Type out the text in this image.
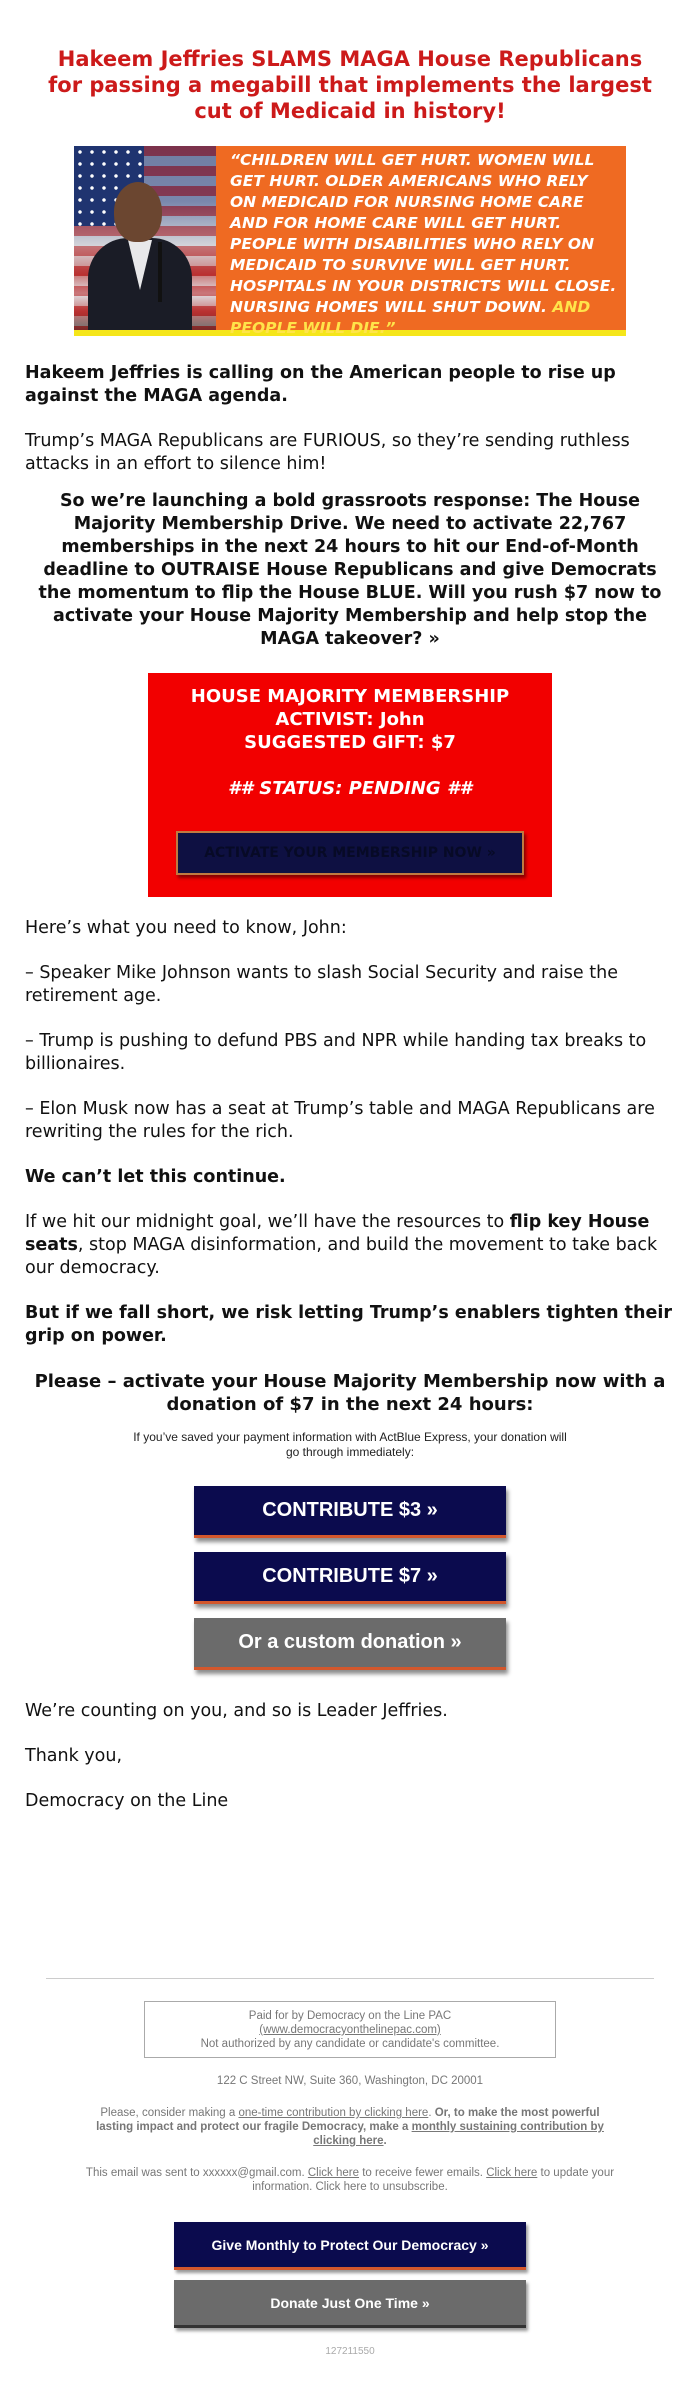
Hakeem Jeffries SLAMS MAGA House Republicans for passing a megabill that implements the largest cut of Medicaid in history!
“CHILDREN WILL GET HURT. WOMEN WILL GET HURT. OLDER AMERICANS WHO RELY ON MEDICAID FOR NURSING HOME CARE AND FOR HOME CARE WILL GET HURT. PEOPLE WITH DISABILITIES WHO RELY ON MEDICAID TO SURVIVE WILL GET HURT. HOSPITALS IN YOUR DISTRICTS WILL CLOSE. NURSING HOMES WILL SHUT DOWN. AND PEOPLE WILL DIE.”
Hakeem Jeffries is calling on the American people to rise up against the MAGA agenda.
Trump’s MAGA Republicans are FURIOUS, so they’re sending ruthless attacks in an effort to silence him!
So we’re launching a bold grassroots response: The House Majority Membership Drive. We need to activate 22,767 memberships in the next 24 hours to hit our End-of-Month deadline to OUTRAISE House Republicans and give Democrats the momentum to flip the House BLUE. Will you rush $7 now to activate your House Majority Membership and help stop the MAGA takeover? »
HOUSE MAJORITY MEMBERSHIP
ACTIVIST: John
SUGGESTED GIFT: $7
## STATUS: PENDING ##
ACTIVATE YOUR MEMBERSHIP NOW »
Here’s what you need to know, John:
– Speaker Mike Johnson wants to slash Social Security and raise the retirement age.
– Trump is pushing to defund PBS and NPR while handing tax breaks to billionaires.
– Elon Musk now has a seat at Trump’s table and MAGA Republicans are rewriting the rules for the rich.
We can’t let this continue.
If we hit our midnight goal, we’ll have the resources to flip key House seats, stop MAGA disinformation, and build the movement to take back our democracy.
But if we fall short, we risk letting Trump’s enablers tighten their grip on power.
Please – activate your House Majority Membership now with a donation of $7 in the next 24 hours:
If you’ve saved your payment information with ActBlue Express, your donation will go through immediately:
CONTRIBUTE $3 »
CONTRIBUTE $7 »
Or a custom donation »
We’re counting on you, and so is Leader Jeffries.
Thank you,
Democracy on the Line
Paid for by Democracy on the Line PAC
(www.democracyonthelinepac.com)
Not authorized by any candidate or candidate's committee.
122 C Street NW, Suite 360, Washington, DC 20001
Please, consider making a one-time contribution by clicking here. Or, to make the most powerful lasting impact and protect our fragile Democracy, make a monthly sustaining contribution by clicking here.
This email was sent to xxxxxx@gmail.com. Click here to receive fewer emails. Click here to update your information. Click here to unsubscribe.
Give Monthly to Protect Our Democracy »
Donate Just One Time »
127211550
